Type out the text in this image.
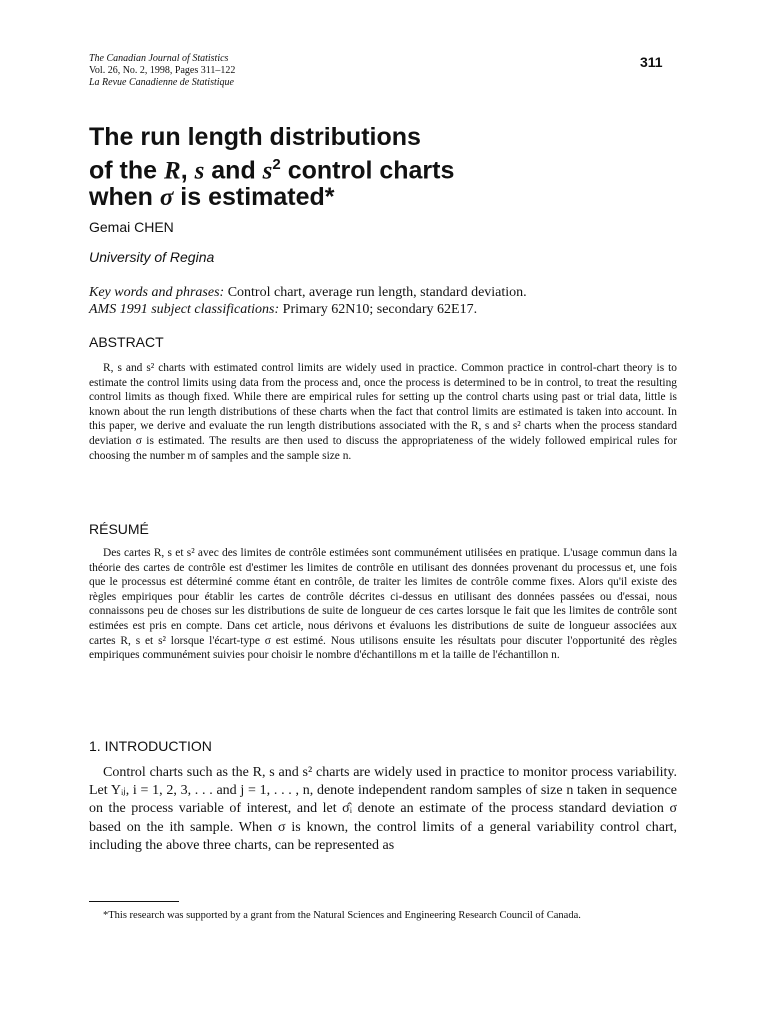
The Canadian Journal of Statistics
Vol. 26, No. 2, 1998, Pages 311–122
La Revue Canadienne de Statistique
311
The run length distributions
of the R, s and $s^2$ control charts
when σ is estimated*
Gemai CHEN
University of Regina
Key words and phrases: Control chart, average run length, standard deviation.
AMS 1991 subject classifications: Primary 62N10; secondary 62E17.
ABSTRACT

R, s and s² charts with estimated control limits are widely used in practice. Common practice in control-chart theory is to estimate the control limits using data from the process and, once the process is determined to be in control, to treat the resulting control limits as though fixed. While there are empirical rules for setting up the control charts using past or trial data, little is known about the run length distributions of these charts when the fact that control limits are estimated is taken into account. In this paper, we derive and evaluate the run length distributions associated with the R, s and s² charts when the process standard deviation σ is estimated. The results are then used to discuss the appropriateness of the widely followed empirical rules for choosing the number m of samples and the sample size n.

RÉSUMÉ

Des cartes R, s et s² avec des limites de contrôle estimées sont communément utilisées en pratique. L'usage commun dans la théorie des cartes de contrôle est d'estimer les limites de contrôle en utilisant des données provenant du processus et, une fois que le processus est déterminé comme étant en contrôle, de traiter les limites de contrôle comme fixes. Alors qu'il existe des règles empiriques pour établir les cartes de contrôle décrites ci-dessus en utilisant des données passées ou d'essai, nous connaissons peu de choses sur les distributions de suite de longueur de ces cartes lorsque le fait que les limites de contrôle sont estimées est pris en compte. Dans cet article, nous dérivons et évaluons les distributions de suite de longueur associées aux cartes R, s et s² lorsque l'écart-type σ est estimé. Nous utilisons ensuite les résultats pour discuter l'opportunité des règles empiriques communément suivies pour choisir le nombre d'échantillons m et la taille de l'échantillon n.

1. INTRODUCTION

Control charts such as the R, s and s² charts are widely used in practice to monitor process variability. Let Yᵢⱼ, i = 1, 2, 3, . . . and j = 1, . . . , n, denote independent random samples of size n taken in sequence on the process variable of interest, and let σ̂ᵢ denote an estimate of the process standard deviation σ based on the ith sample. When σ is known, the control limits of a general variability control chart, including the above three charts, can be represented as

*This research was supported by a grant from the Natural Sciences and Engineering Research Council of Canada.
